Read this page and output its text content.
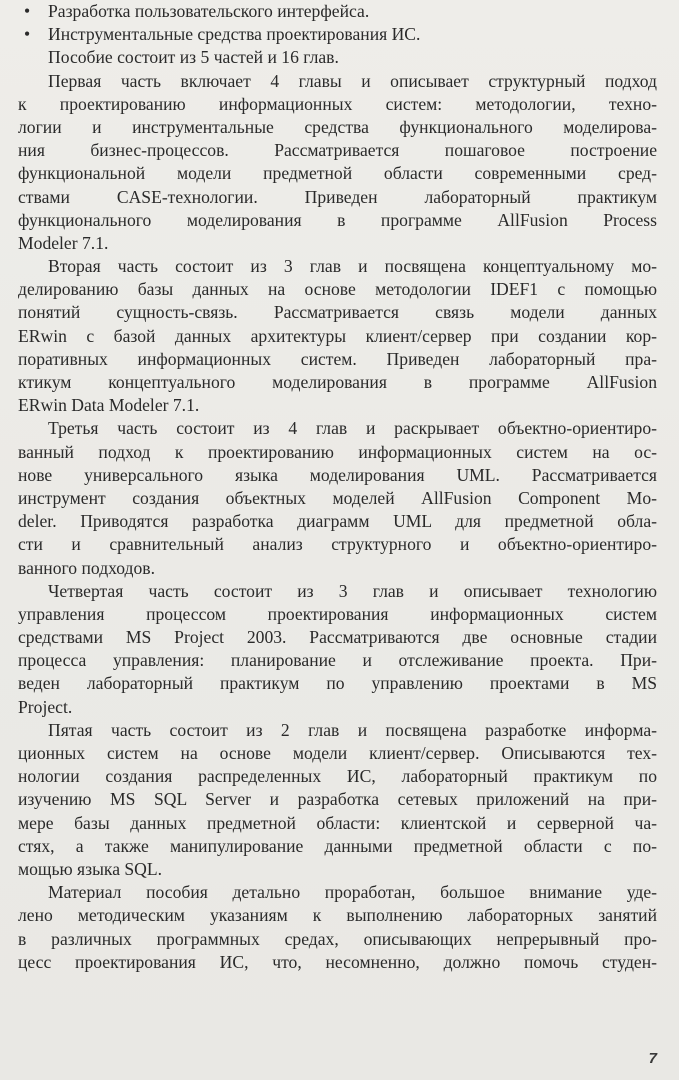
• Разработка пользовательского интерфейса.
• Инструментальные средства проектирования ИС.
Пособие состоит из 5 частей и 16 глав.
Первая часть включает 4 главы и описывает структурный подход
к проектированию информационных систем: методологии, техно-
логии и инструментальные средства функционального моделирова-
ния бизнес-процессов. Рассматривается пошаговое построение
функциональной модели предметной области современными сред-
ствами CASE-технологии. Приведен лабораторный практикум
функционального моделирования в программе AllFusion Process
Modeler 7.1.
Вторая часть состоит из 3 глав и посвящена концептуальному мо-
делированию базы данных на основе методологии IDEF1 с помощью
понятий сущность-связь. Рассматривается связь модели данных
ERwin с базой данных архитектуры клиент/сервер при создании кор-
поративных информационных систем. Приведен лабораторный пра-
ктикум концептуального моделирования в программе AllFusion
ERwin Data Modeler 7.1.
Третья часть состоит из 4 глав и раскрывает объектно-ориентиро-
ванный подход к проектированию информационных систем на ос-
нове универсального языка моделирования UML. Рассматривается
инструмент создания объектных моделей AllFusion Component Mo-
deler. Приводятся разработка диаграмм UML для предметной обла-
сти и сравнительный анализ структурного и объектно-ориентиро-
ванного подходов.
Четвертая часть состоит из 3 глав и описывает технологию
управления процессом проектирования информационных систем
средствами MS Project 2003. Рассматриваются две основные стадии
процесса управления: планирование и отслеживание проекта. При-
веден лабораторный практикум по управлению проектами в MS
Project.
Пятая часть состоит из 2 глав и посвящена разработке информа-
ционных систем на основе модели клиент/сервер. Описываются тех-
нологии создания распределенных ИС, лабораторный практикум по
изучению MS SQL Server и разработка сетевых приложений на при-
мере базы данных предметной области: клиентской и серверной ча-
стях, а также манипулирование данными предметной области с по-
мощью языка SQL.
Материал пособия детально проработан, большое внимание уде-
лено методическим указаниям к выполнению лабораторных занятий
в различных программных средах, описывающих непрерывный про-
цесс проектирования ИС, что, несомненно, должно помочь студен-
7
